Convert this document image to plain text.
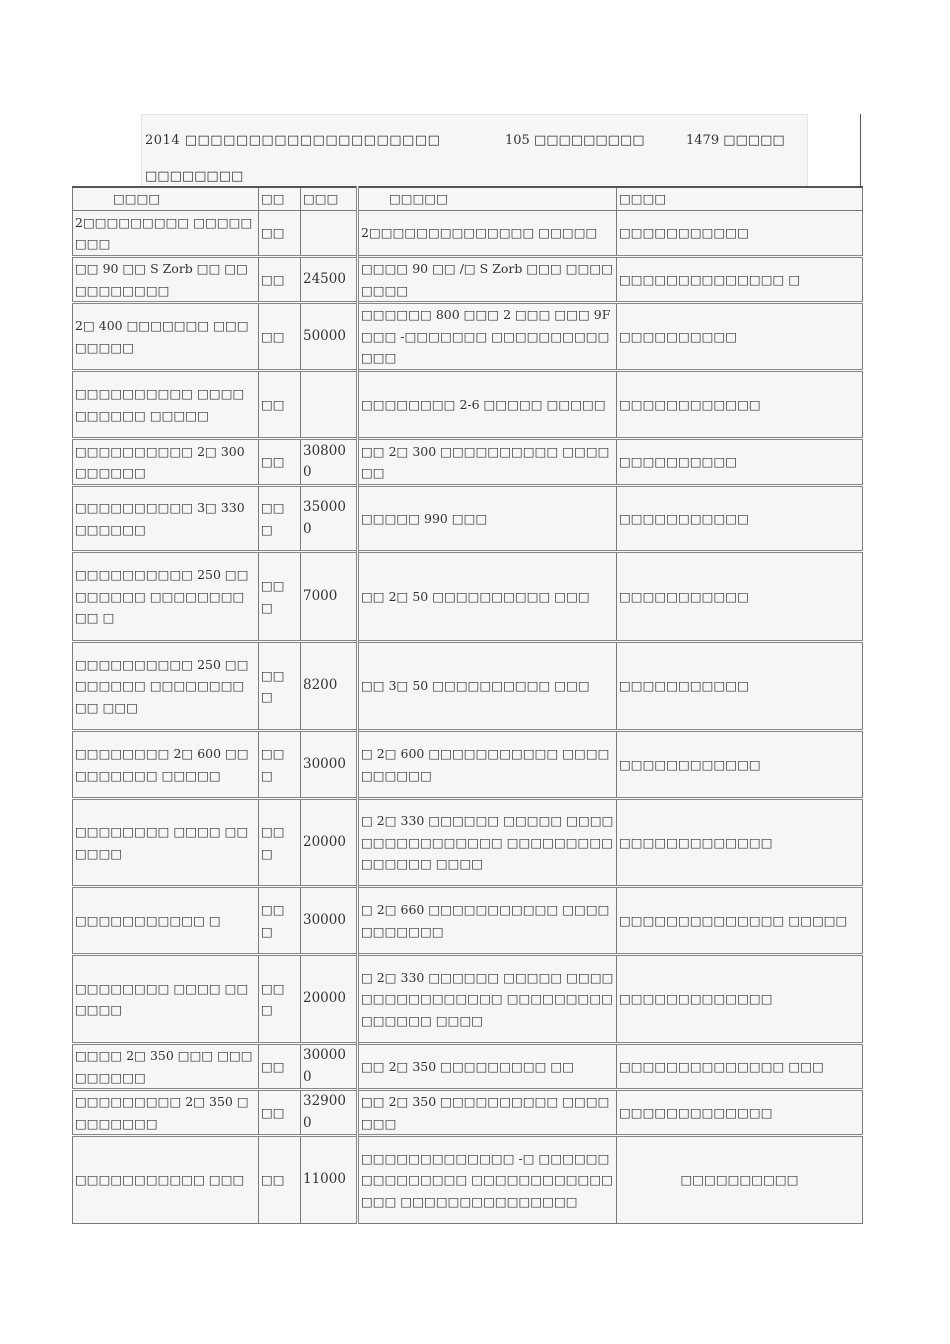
2014 □□□□□□□□□□□□□□□□□□□□	105 □□□□□□□□□	1479 □□□□□
□□□□□□□□
□□□□	□□	□□□	□□□□□	□□□□
2□□□□□□□□□ □□□□□□□□	□□		2□□□□□□□□□□□□□□ □□□□□	□□□□□□□□□□□
□□ 90 □□ S Zorb □□ □□□□□□□□□□	□□	24500	□□□□ 90 □□ /□ S Zorb □□□ □□□□□□□□	□□□□□□□□□□□□□□ □
2□ 400 □□□□□□□ □□□□□□□□	□□	50000	□□□□□□ 800 □□□ 2 □□□ □□□ 9F □□□ -□□□□□□□ □□□□□□□□□□□□□	□□□□□□□□□□
□□□□□□□□□□ □□□□□□□□□□ □□□□□	□□		□□□□□□□□ 2-6 □□□□□ □□□□□	□□□□□□□□□□□□
□□□□□□□□□□ 2□ 300 □□□□□□	□□	308000	□□ 2□ 300 □□□□□□□□□□ □□□□□□	□□□□□□□□□□
□□□□□□□□□□ 3□ 330 □□□□□□	□□ □	350000	□□□□□ 990 □□□	□□□□□□□□□□□
□□□□□□□□□□ 250 □□□□□□□□ □□□□□□□□□□ □	□□ □	7000	□□ 2□ 50 □□□□□□□□□□ □□□	□□□□□□□□□□□
□□□□□□□□□□ 250 □□□□□□□□ □□□□□□□□□□ □□□	□□ □	8200	□□ 3□ 50 □□□□□□□□□□ □□□	□□□□□□□□□□□
□□□□□□□□ 2□ 600 □□□□□□□□□ □□□□□	□□ □	30000	□ 2□ 600 □□□□□□□□□□□ □□□□□□□□□□	□□□□□□□□□□□□
□□□□□□□□ □□□□ □□□□□□	□□ □	20000	□ 2□ 330 □□□□□□ □□□□□ □□□□□□□□□□□□□□□□ □□□□□□□□□□□□□□□ □□□□	□□□□□□□□□□□□□
□□□□□□□□□□□ □	□□ □	30000	□ 2□ 660 □□□□□□□□□□□ □□□□□□□□□□□	□□□□□□□□□□□□□□ □□□□□
□□□□□□□□ □□□□ □□□□□□	□□ □	20000	□ 2□ 330 □□□□□□ □□□□□ □□□□□□□□□□□□□□□□ □□□□□□□□□□□□□□□ □□□□	□□□□□□□□□□□□□
□□□□ 2□ 350 □□□ □□□□□□□□□	□□	300000	□□ 2□ 350 □□□□□□□□□ □□	□□□□□□□□□□□□□□ □□□
□□□□□□□□□ 2□ 350 □□□□□□□□	□□	329000	□□ 2□ 350 □□□□□□□□□□ □□□□□□□	□□□□□□□□□□□□□
□□□□□□□□□□□ □□□	□□	11000	□□□□□□□□□□□□□ -□ □□□□□□□□□□□□□□□ □□□□□□□□□□□□□□□ □□□□□□□□□□□□□□□	□□□□□□□□□□
